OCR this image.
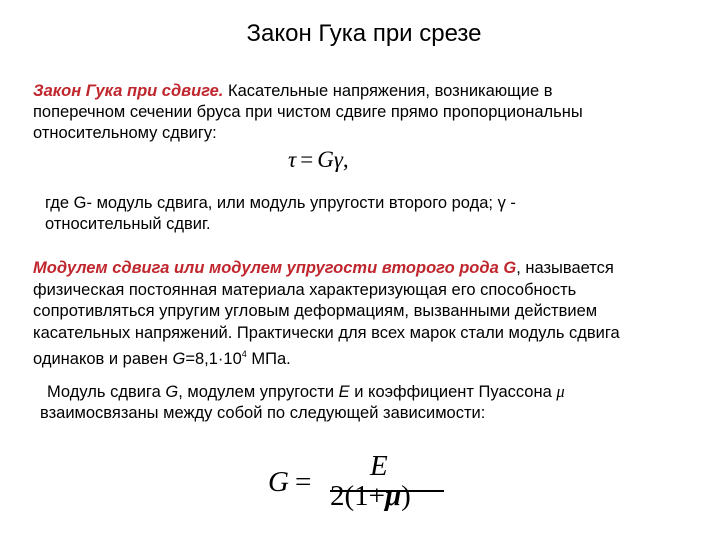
Закон Гука при срезе
Закон Гука при сдвиге. Касательные напряжения, возникающие в
поперечном сечении бруса при чистом сдвиге прямо пропорциональны
относительному сдвигу:
τ = Gγ,
где G- модуль сдвига, или модуль упругости второго рода; γ -
относительный сдвиг.
Модулем сдвига или модулем упругости второго рода G, называется
физическая постоянная материала характеризующая его способность
сопротивляться упругим угловым деформациям, вызванными действием
касательных напряжений. Практически для всех марок стали модуль сдвига
одинаков и равен $G=8,1\cdot 10^4$ МПа.
Модуль сдвига G, модулем упругости E и коэффициент Пуассона μ
взаимосвязаны между собой по следующей зависимости:
G = E
2(1+μ)
